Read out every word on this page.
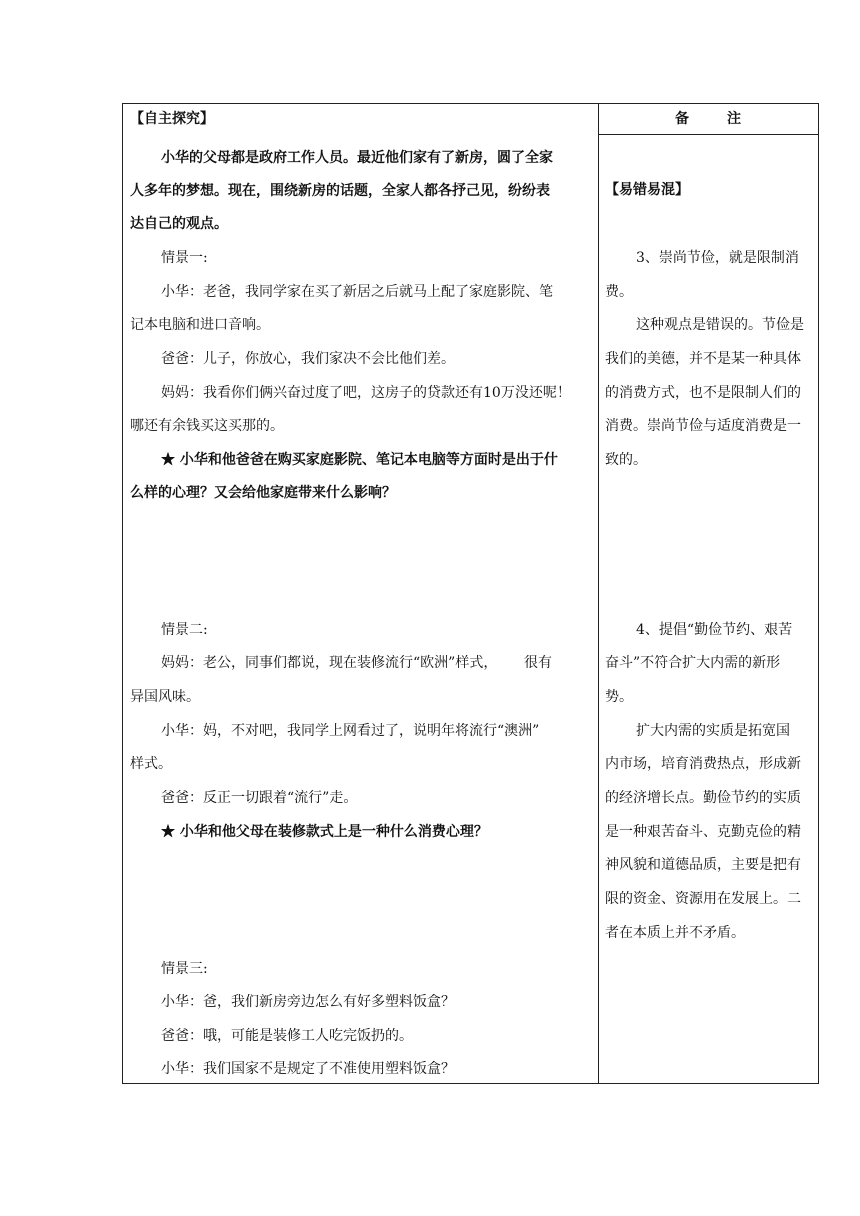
备	注
【自主探究】
小华的父母都是政府工作人员。最近他们家有了新房，圆了全家
人多年的梦想。现在，围绕新房的话题，全家人都各抒己见，纷纷表
达自己的观点。
情景一:
小华：老爸，我同学家在买了新居之后就马上配了家庭影院、笔
记本电脑和进口音响。
爸爸：儿子，你放心，我们家决不会比他们差。
妈妈：我看你们俩兴奋过度了吧，这房子的贷款还有10万没还呢！
哪还有余钱买这买那的。
★ 小华和他爸爸在购买家庭影院、笔记本电脑等方面时是出于什
么样的心理？又会给他家庭带来什么影响？
情景二:
妈妈：老公，同事们都说，现在装修流行“欧洲”样式，      很有
异国风味。
小华：妈，不对吧，我同学上网看过了，说明年将流行“澳洲”
样式。
爸爸：反正一切跟着“流行”走。
★ 小华和他父母在装修款式上是一种什么消费心理？
情景三:
小华：爸，我们新房旁边怎么有好多塑料饭盒？
爸爸：哦，可能是装修工人吃完饭扔的。
小华：我们国家不是规定了不准使用塑料饭盒？
【易错易混】
3、崇尚节俭，就是限制消
费。
这种观点是错误的。节俭是
我们的美德，并不是某一种具体
的消费方式，也不是限制人们的
消费。崇尚节俭与适度消费是一
致的。
4、提倡“勤俭节约、艰苦
奋斗”不符合扩大内需的新形
势。
扩大内需的实质是拓宽国
内市场，培育消费热点，形成新
的经济增长点。勤俭节约的实质
是一种艰苦奋斗、克勤克俭的精
神风貌和道德品质，主要是把有
限的资金、资源用在发展上。二
者在本质上并不矛盾。
